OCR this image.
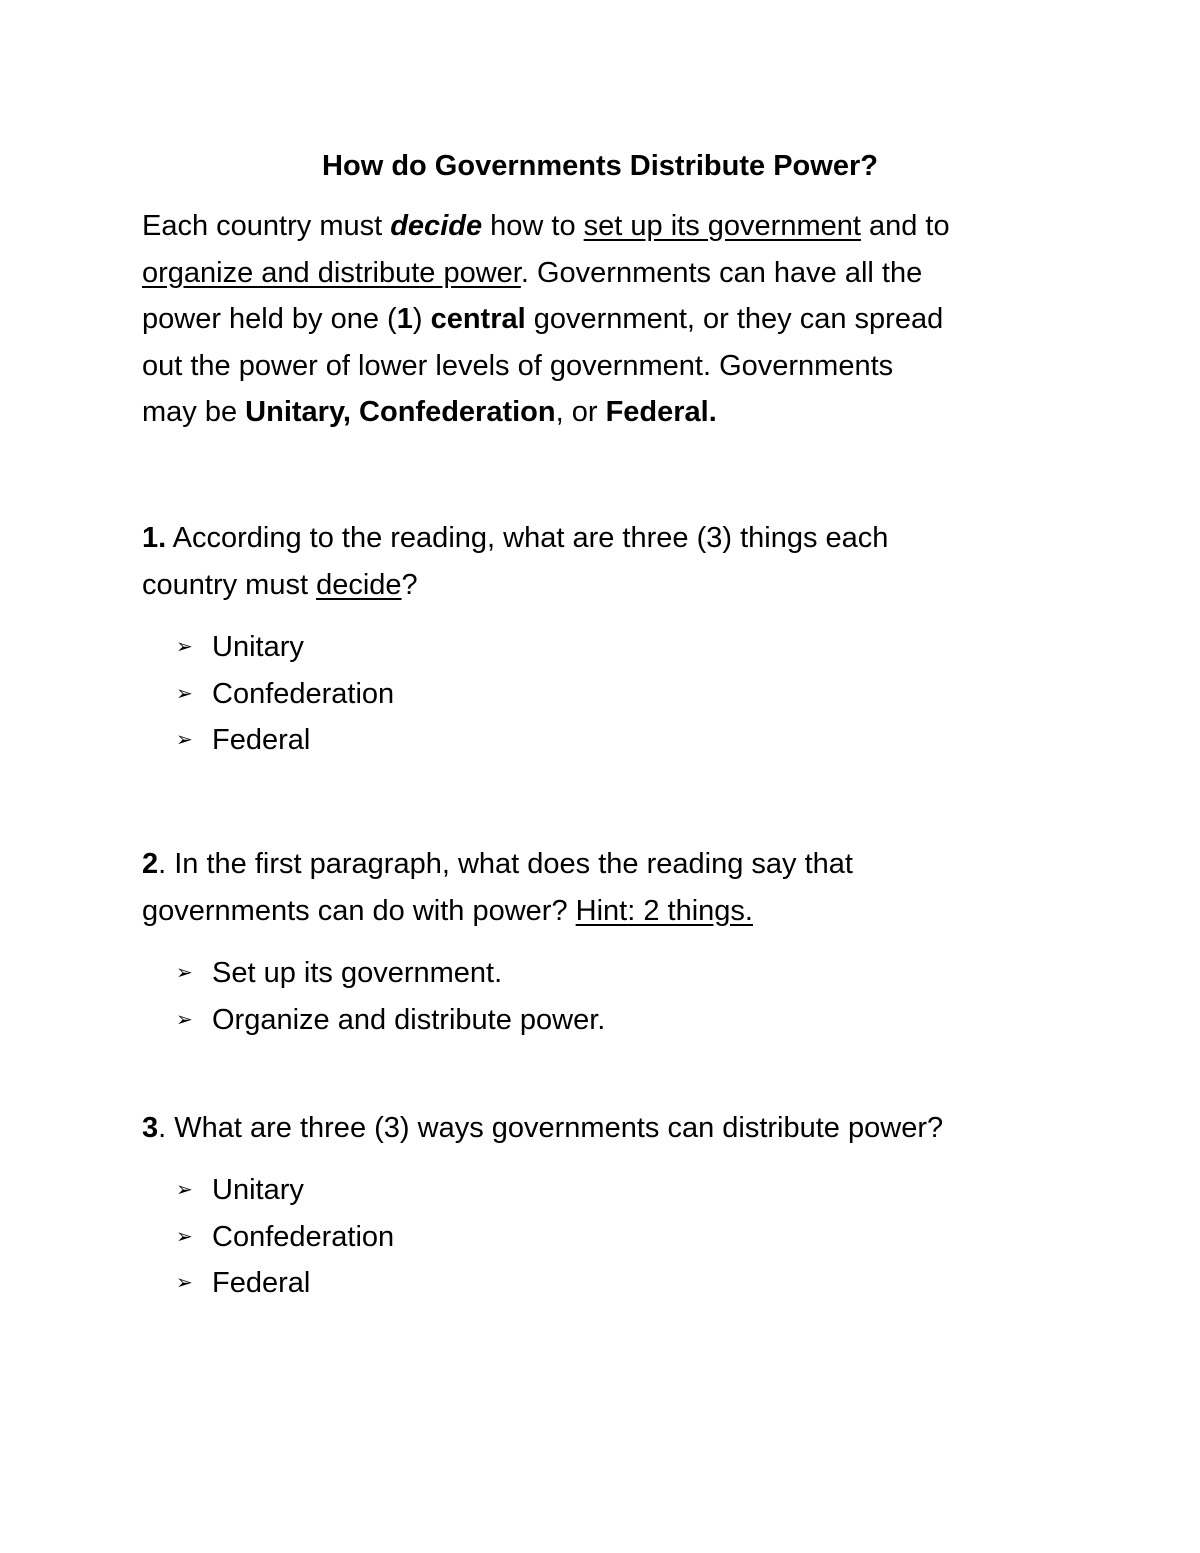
How do Governments Distribute Power?

Each country must decide how to set up its government and to
organize and distribute power. Governments can have all the
power held by one (1) central government, or they can spread
out the power of lower levels of government. Governments
may be Unitary, Confederation, or Federal.

1. According to the reading, what are three (3) things each
country must decide?

➢ Unitary
➢ Confederation
➢ Federal

2. In the first paragraph, what does the reading say that
governments can do with power? Hint: 2 things.

➢ Set up its government.
➢ Organize and distribute power.

3. What are three (3) ways governments can distribute power?

➢ Unitary
➢ Confederation
➢ Federal
